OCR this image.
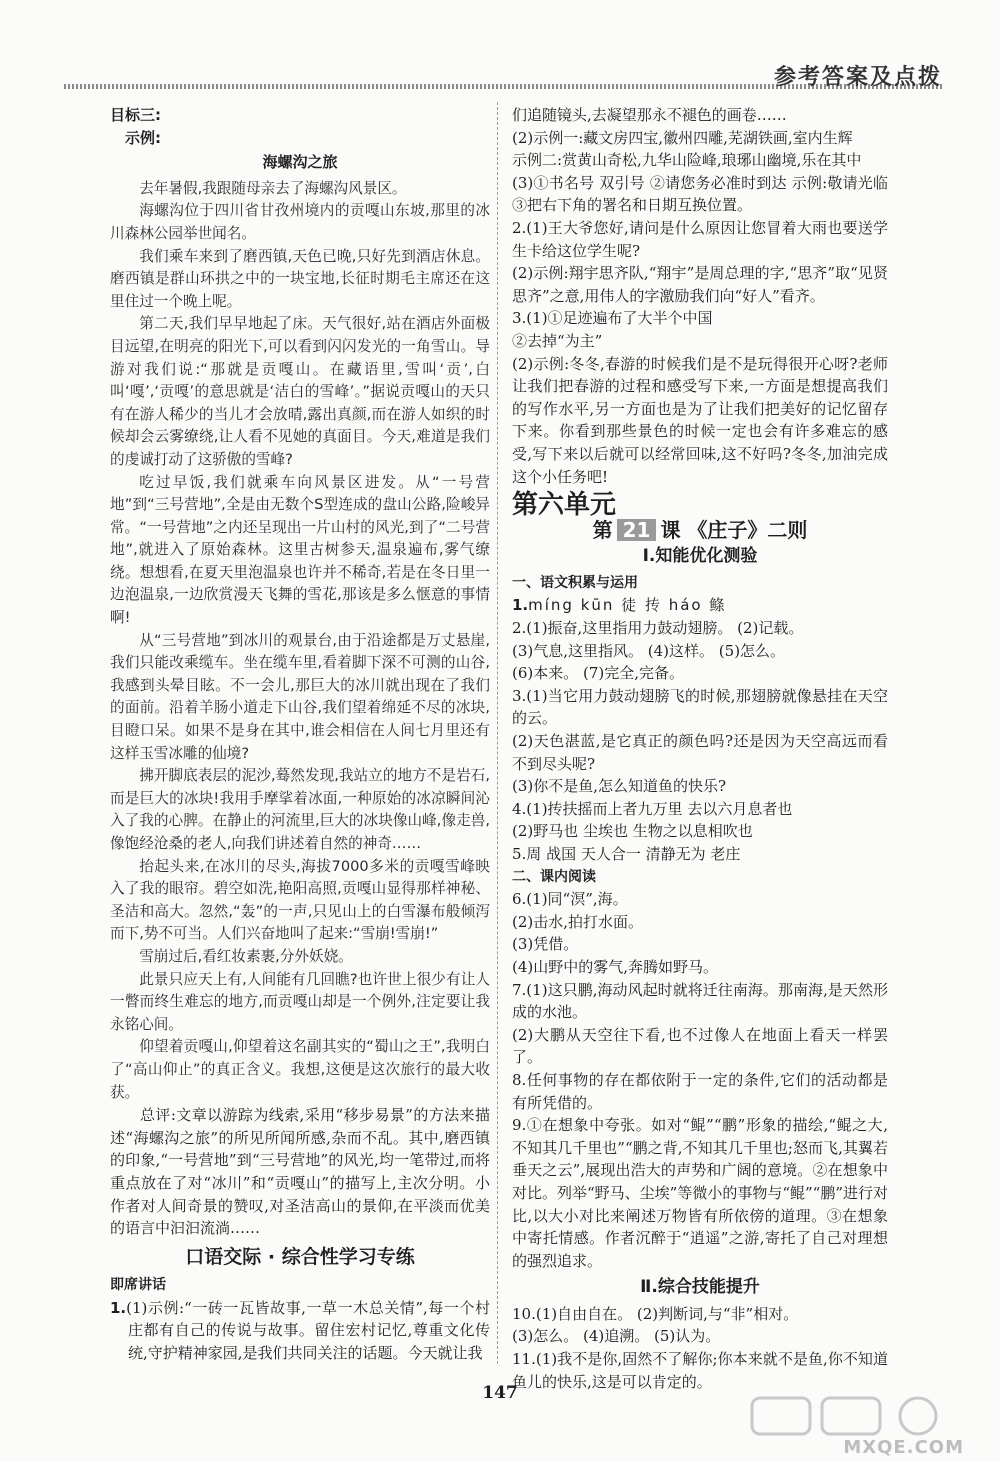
参考答案及点拨
目标三:
示例:
海螺沟之旅

去年暑假,我跟随母亲去了海螺沟风景区。

海螺沟位于四川省甘孜州境内的贡嘎山东坡,那里的冰川森林公园举世闻名。

我们乘车来到了磨西镇,天色已晚,只好先到酒店休息。磨西镇是群山环拱之中的一块宝地,长征时期毛主席还在这里住过一个晚上呢。

第二天,我们早早地起了床。天气很好,站在酒店外面极目远望,在明亮的阳光下,可以看到闪闪发光的一角雪山。导游对我们说:“那就是贡嘎山。在藏语里,雪叫‘贡’,白叫‘嘎’,‘贡嘎’的意思就是‘洁白的雪峰’。”据说贡嘎山的天只有在游人稀少的当儿才会放晴,露出真颜,而在游人如织的时候却会云雾缭绕,让人看不见她的真面目。今天,难道是我们的虔诚打动了这骄傲的雪峰?

吃过早饭,我们就乘车向风景区进发。从“一号营地”到“三号营地”,全是由无数个S型连成的盘山公路,险峻异常。“一号营地”之内还呈现出一片山村的风光,到了“二号营地”,就进入了原始森林。这里古树参天,温泉遍布,雾气缭绕。想想看,在夏天里泡温泉也许并不稀奇,若是在冬日里一边泡温泉,一边欣赏漫天飞舞的雪花,那该是多么惬意的事情啊!

从“三号营地”到冰川的观景台,由于沿途都是万丈悬崖,我们只能改乘缆车。坐在缆车里,看着脚下深不可测的山谷,我感到头晕目眩。不一会儿,那巨大的冰川就出现在了我们的面前。沿着羊肠小道走下山谷,我们望着绵延不尽的冰块,目瞪口呆。如果不是身在其中,谁会相信在人间七月里还有这样玉雪冰雕的仙境?

拂开脚底表层的泥沙,蓦然发现,我站立的地方不是岩石,而是巨大的冰块!我用手摩挲着冰面,一种原始的冰凉瞬间沁入了我的心脾。在静止的河流里,巨大的冰块像山峰,像走兽,像饱经沧桑的老人,向我们讲述着自然的神奇……

抬起头来,在冰川的尽头,海拔7000多米的贡嘎雪峰映入了我的眼帘。碧空如洗,艳阳高照,贡嘎山显得那样神秘、圣洁和高大。忽然,“轰”的一声,只见山上的白雪瀑布般倾泻而下,势不可当。人们兴奋地叫了起来:“雪崩!雪崩!”

雪崩过后,看红妆素裹,分外妖娆。

此景只应天上有,人间能有几回瞧?也许世上很少有让人一瞥而终生难忘的地方,而贡嘎山却是一个例外,注定要让我永铭心间。

仰望着贡嘎山,仰望着这名副其实的“蜀山之王”,我明白了“高山仰止”的真正含义。我想,这便是这次旅行的最大收获。

总评:文章以游踪为线索,采用“移步易景”的方法来描述“海螺沟之旅”的所见所闻所感,杂而不乱。其中,磨西镇的印象,“一号营地”到“三号营地”的风光,均一笔带过,而将重点放在了对“冰川”和“贡嘎山”的描写上,主次分明。小作者对人间奇景的赞叹,对圣洁高山的景仰,在平淡而优美的语言中汩汩流淌……

口语交际 · 综合性学习专练
即席讲话
1.(1)示例:“一砖一瓦皆故事,一草一木总关情”,每一个村庄都有自己的传说与故事。留住宏村记忆,尊重文化传统,守护精神家园,是我们共同关注的话题。今天就让我
们追随镜头,去凝望那永不褪色的画卷……
(2)示例一:藏文房四宝,徽州四雕,芜湖铁画,室内生辉
示例二:赏黄山奇松,九华山险峰,琅琊山幽境,乐在其中
(3)①书名号 双引号 ②请您务必准时到达 示例:敬请光临 ③把右下角的署名和日期互换位置。
2.(1)王大爷您好,请问是什么原因让您冒着大雨也要送学生卡给这位学生呢?
(2)示例:翔宇思齐队,“翔宇”是周总理的字,“思齐”取“见贤思齐”之意,用伟人的字激励我们向“好人”看齐。
3.(1)①足迹遍布了大半个中国
②去掉“为主”
(2)示例:冬冬,春游的时候我们是不是玩得很开心呀?老师让我们把春游的过程和感受写下来,一方面是想提高我们的写作水平,另一方面也是为了让我们把美好的记忆留存下来。你看到那些景色的时候一定也会有许多难忘的感受,写下来以后就可以经常回味,这不好吗?冬冬,加油完成这个小任务吧!
第六单元
第 21 课 《庄子》二则
Ⅰ.知能优化测验
一、语文积累与运用
1.míng kūn 徒 抟 háo 鲦
2.(1)振奋,这里指用力鼓动翅膀。 (2)记载。
(3)气息,这里指风。 (4)这样。 (5)怎么。
(6)本来。 (7)完全,完备。
3.(1)当它用力鼓动翅膀飞的时候,那翅膀就像悬挂在天空的云。
(2)天色湛蓝,是它真正的颜色吗?还是因为天空高远而看不到尽头呢?
(3)你不是鱼,怎么知道鱼的快乐?
4.(1)抟扶摇而上者九万里 去以六月息者也
(2)野马也 尘埃也 生物之以息相吹也
5.周 战国 天人合一 清静无为 老庄
二、课内阅读
6.(1)同“溟”,海。
(2)击水,拍打水面。
(3)凭借。
(4)山野中的雾气,奔腾如野马。
7.(1)这只鹏,海动风起时就将迁往南海。那南海,是天然形成的水池。
(2)大鹏从天空往下看,也不过像人在地面上看天一样罢了。
8.任何事物的存在都依附于一定的条件,它们的活动都是有所凭借的。
9.①在想象中夸张。如对“鲲”“鹏”形象的描绘,“鲲之大,不知其几千里也”“鹏之背,不知其几千里也;怒而飞,其翼若垂天之云”,展现出浩大的声势和广阔的意境。②在想象中对比。列举“野马、尘埃”等微小的事物与“鲲”“鹏”进行对比,以大小对比来阐述万物皆有所依傍的道理。③在想象中寄托情感。作者沉醉于“逍遥”之游,寄托了自己对理想的强烈追求。
Ⅱ.综合技能提升
10.(1)自由自在。 (2)判断词,与“非”相对。
(3)怎么。 (4)追溯。 (5)认为。
11.(1)我不是你,固然不了解你;你本来就不是鱼,你不知道鱼儿的快乐,这是可以肯定的。
147
MXQE.COM
